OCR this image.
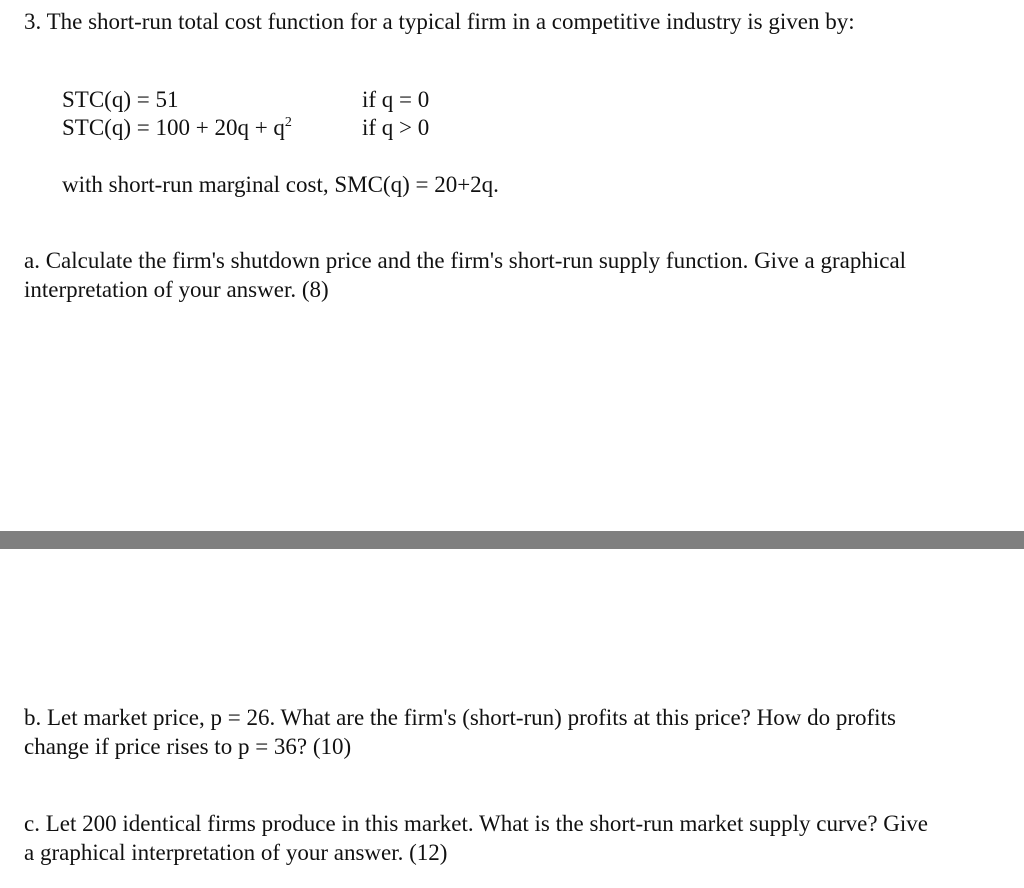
3. The short-run total cost function for a typical firm in a competitive industry is given by:
STC(q) = 51	if q = 0
$STC(q) = 100 + 20q + q^2$	if q > 0
with short-run marginal cost, SMC(q) = 20+2q.
a. Calculate the firm's shutdown price and the firm's short-run supply function. Give a graphical
interpretation of your answer. (8)
b. Let market price, p = 26. What are the firm's (short-run) profits at this price? How do profits
change if price rises to p = 36? (10)
c. Let 200 identical firms produce in this market. What is the short-run market supply curve? Give
a graphical interpretation of your answer. (12)
